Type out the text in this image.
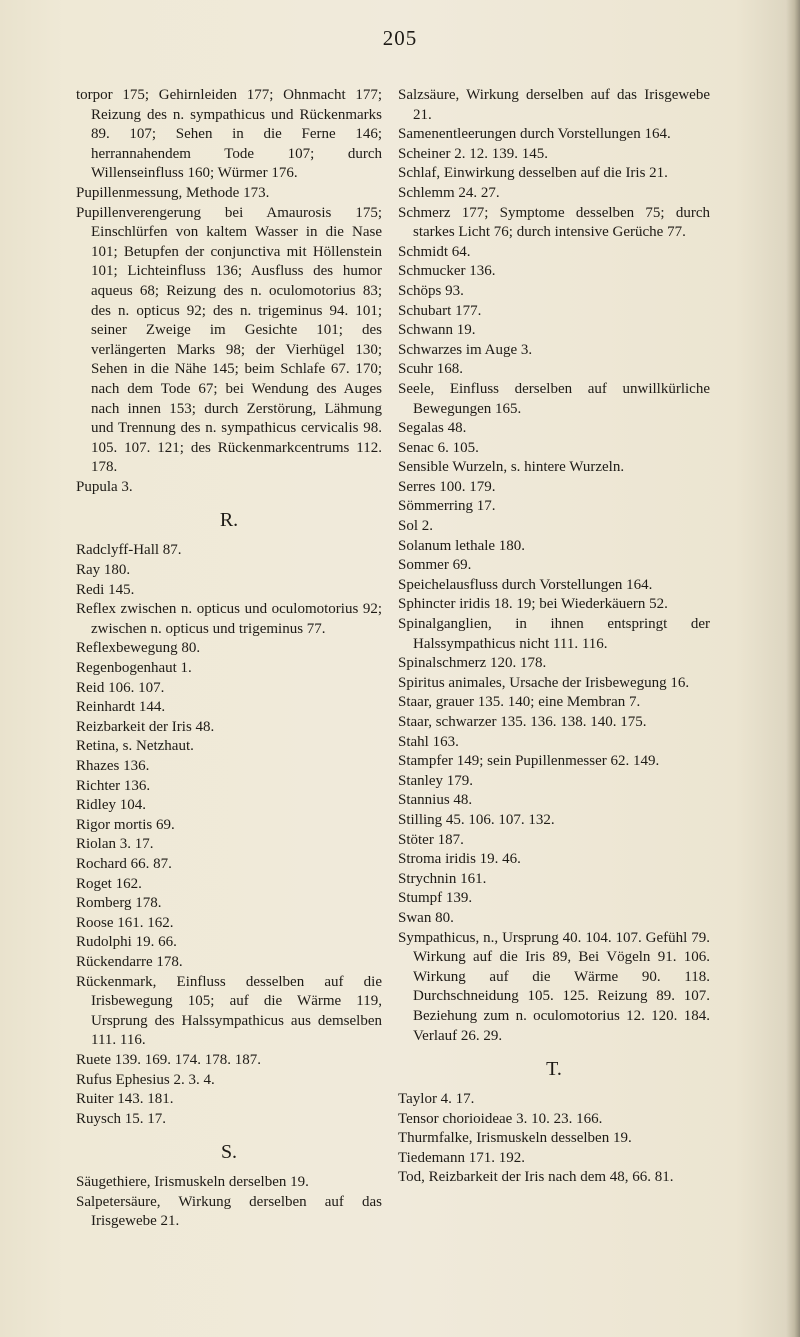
205

torpor 175; Gehirnleiden 177; Ohnmacht 177; Reizung des n. sympathicus und Rückenmarks 89. 107; Sehen in die Ferne 146; herrannahendem Tode 107; durch Willenseinfluss 160; Würmer 176.

Pupillenmessung, Methode 173.

Pupillenverengerung bei Amaurosis 175; Einschlürfen von kaltem Wasser in die Nase 101; Betupfen der conjunctiva mit Höllenstein 101; Lichteinfluss 136; Ausfluss des humor aqueus 68; Reizung des n. oculomotorius 83; des n. opticus 92; des n. trigeminus 94. 101; seiner Zweige im Gesichte 101; des verlängerten Marks 98; der Vierhügel 130; Sehen in die Nähe 145; beim Schlafe 67. 170; nach dem Tode 67; bei Wendung des Auges nach innen 153; durch Zerstörung, Lähmung und Trennung des n. sympathicus cervicalis 98. 105. 107. 121; des Rückenmarkcentrums 112. 178.

Pupula 3.

R.

Radclyff-Hall 87.

Ray 180.

Redi 145.

Reflex zwischen n. opticus und oculomotorius 92; zwischen n. opticus und trigeminus 77.

Reflexbewegung 80.

Regenbogenhaut 1.

Reid 106. 107.

Reinhardt 144.

Reizbarkeit der Iris 48.

Retina, s. Netzhaut.

Rhazes 136.

Richter 136.

Ridley 104.

Rigor mortis 69.

Riolan 3. 17.

Rochard 66. 87.

Roget 162.

Romberg 178.

Roose 161. 162.

Rudolphi 19. 66.

Rückendarre 178.

Rückenmark, Einfluss desselben auf die Irisbewegung 105; auf die Wärme 119, Ursprung des Halssympathicus aus demselben 111. 116.

Ruete 139. 169. 174. 178. 187.

Rufus Ephesius 2. 3. 4.

Ruiter 143. 181.

Ruysch 15. 17.

S.

Säugethiere, Irismuskeln derselben 19.

Salpetersäure, Wirkung derselben auf das Irisgewebe 21.

Salzsäure, Wirkung derselben auf das Irisgewebe 21.

Samenentleerungen durch Vorstellungen 164.

Scheiner 2. 12. 139. 145.

Schlaf, Einwirkung desselben auf die Iris 21.

Schlemm 24. 27.

Schmerz 177; Symptome desselben 75; durch starkes Licht 76; durch intensive Gerüche 77.

Schmidt 64.

Schmucker 136.

Schöps 93.

Schubart 177.

Schwann 19.

Schwarzes im Auge 3.

Scuhr 168.

Seele, Einfluss derselben auf unwillkürliche Bewegungen 165.

Segalas 48.

Senac 6. 105.

Sensible Wurzeln, s. hintere Wurzeln.

Serres 100. 179.

Sömmerring 17.

Sol 2.

Solanum lethale 180.

Sommer 69.

Speichelausfluss durch Vorstellungen 164.

Sphincter iridis 18. 19; bei Wiederkäuern 52.

Spinalganglien, in ihnen entspringt der Halssympathicus nicht 111. 116.

Spinalschmerz 120. 178.

Spiritus animales, Ursache der Irisbewegung 16.

Staar, grauer 135. 140; eine Membran 7.

Staar, schwarzer 135. 136. 138. 140. 175.

Stahl 163.

Stampfer 149; sein Pupillenmesser 62. 149.

Stanley 179.

Stannius 48.

Stilling 45. 106. 107. 132.

Stöter 187.

Stroma iridis 19. 46.

Strychnin 161.

Stumpf 139.

Swan 80.

Sympathicus, n., Ursprung 40. 104. 107. Gefühl 79. Wirkung auf die Iris 89, Bei Vögeln 91. 106. Wirkung auf die Wärme 90. 118. Durchschneidung 105. 125. Reizung 89. 107. Beziehung zum n. oculomotorius 12. 120. 184. Verlauf 26. 29.

T.

Taylor 4. 17.

Tensor chorioideae 3. 10. 23. 166.

Thurmfalke, Irismuskeln desselben 19.

Tiedemann 171. 192.

Tod, Reizbarkeit der Iris nach dem 48, 66. 81.
